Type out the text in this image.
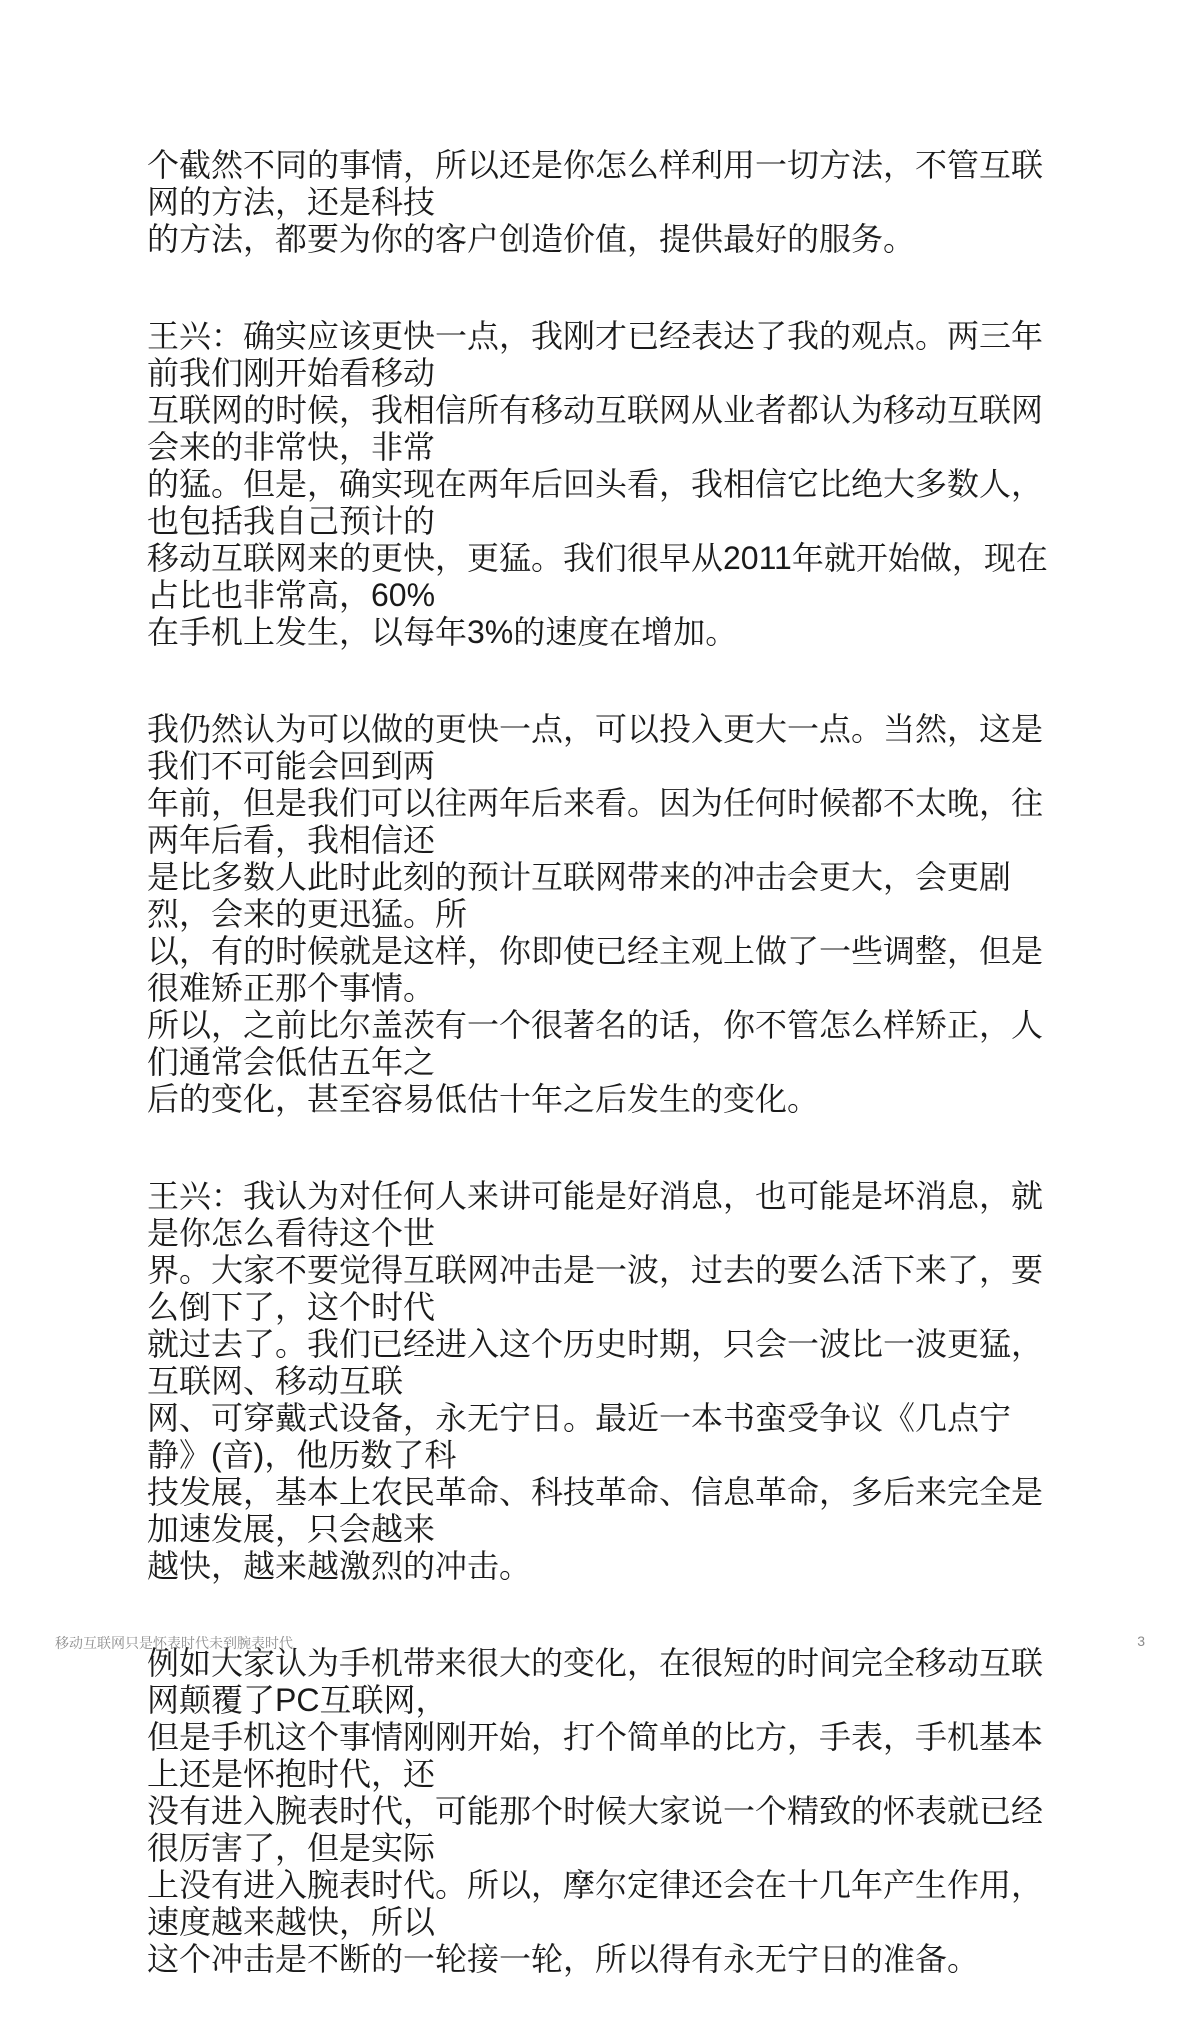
个截然不同的事情，所以还是你怎么样利用一切方法，不管互联网的方法，还是科技
的方法，都要为你的客户创造价值，提供最好的服务。
王兴：确实应该更快一点，我刚才已经表达了我的观点。两三年前我们刚开始看移动
互联网的时候，我相信所有移动互联网从业者都认为移动互联网会来的非常快，非常
的猛。但是，确实现在两年后回头看，我相信它比绝大多数人，也包括我自己预计的
移动互联网来的更快，更猛。我们很早从2011年就开始做，现在占比也非常高，60%
在手机上发生，以每年3%的速度在增加。
我仍然认为可以做的更快一点，可以投入更大一点。当然，这是我们不可能会回到两
年前，但是我们可以往两年后来看。因为任何时候都不太晚，往两年后看，我相信还
是比多数人此时此刻的预计互联网带来的冲击会更大，会更剧烈，会来的更迅猛。所
以，有的时候就是这样，你即使已经主观上做了一些调整，但是很难矫正那个事情。
所以，之前比尔盖茨有一个很著名的话，你不管怎么样矫正，人们通常会低估五年之
后的变化，甚至容易低估十年之后发生的变化。
王兴：我认为对任何人来讲可能是好消息，也可能是坏消息，就是你怎么看待这个世
界。大家不要觉得互联网冲击是一波，过去的要么活下来了，要么倒下了，这个时代
就过去了。我们已经进入这个历史时期，只会一波比一波更猛，互联网、移动互联
网、可穿戴式设备，永无宁日。最近一本书蛮受争议《几点宁静》(音)，他历数了科
技发展，基本上农民革命、科技革命、信息革命，多后来完全是加速发展，只会越来
越快，越来越激烈的冲击。
例如大家认为手机带来很大的变化，在很短的时间完全移动互联网颠覆了PC互联网，
但是手机这个事情刚刚开始，打个简单的比方，手表，手机基本上还是怀抱时代，还
没有进入腕表时代，可能那个时候大家说一个精致的怀表就已经很厉害了，但是实际
上没有进入腕表时代。所以，摩尔定律还会在十几年产生作用，速度越来越快，所以
这个冲击是不断的一轮接一轮，所以得有永无宁日的准备。
移动互联网只是怀表时代未到腕表时代	3
